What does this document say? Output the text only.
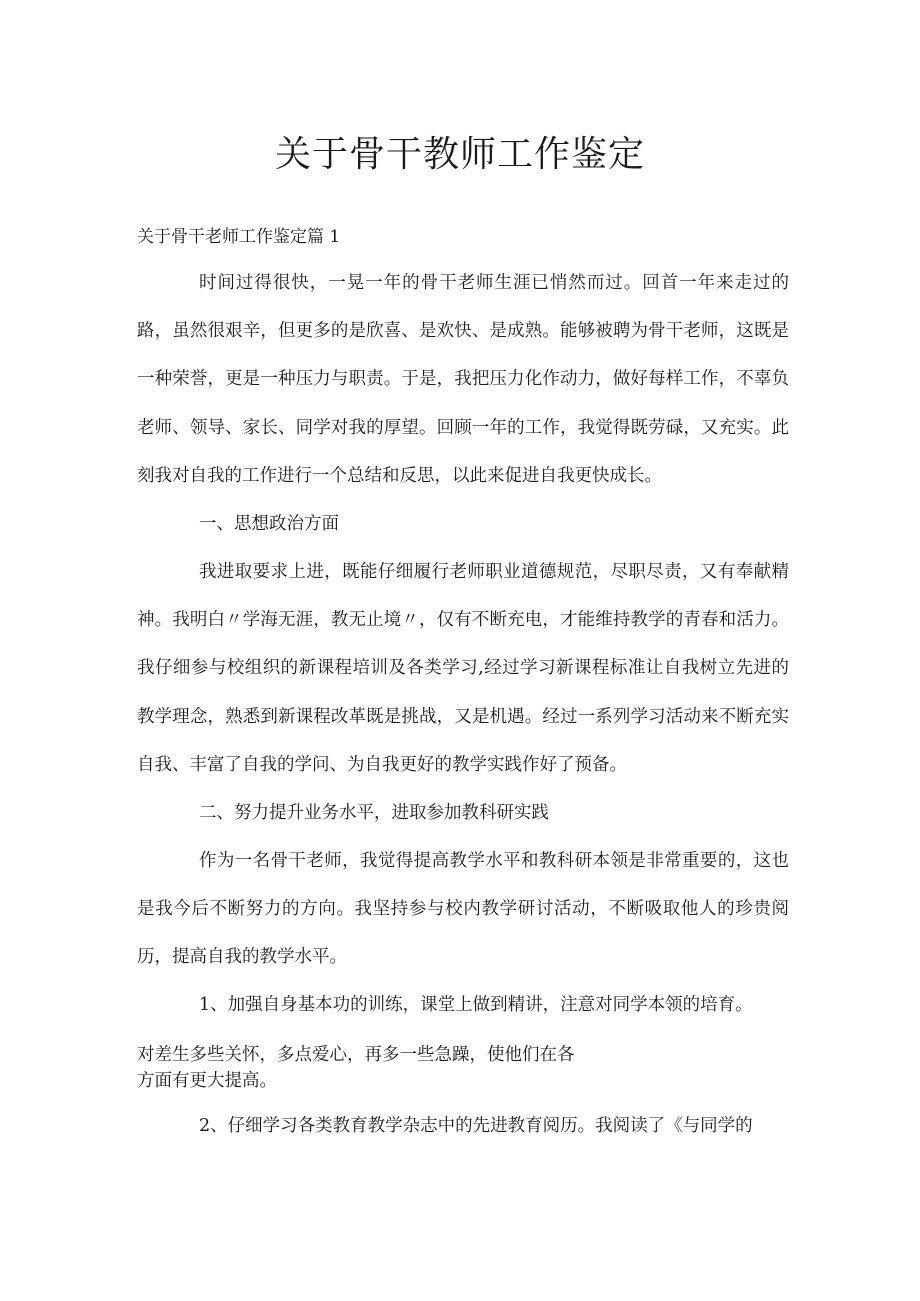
关于骨干教师工作鉴定

关于骨干老师工作鉴定篇 1

时间过得很快，一晃一年的骨干老师生涯已悄然而过。回首一年来走过的路，虽然很艰辛，但更多的是欣喜、是欢快、是成熟。能够被聘为骨干老师，这既是一种荣誉，更是一种压力与职责。于是，我把压力化作动力，做好每样工作，不辜负老师、领导、家长、同学对我的厚望。回顾一年的工作，我觉得既劳碌，又充实。此刻我对自我的工作进行一个总结和反思，以此来促进自我更快成长。

一、思想政治方面

我进取要求上进，既能仔细履行老师职业道德规范，尽职尽责，又有奉献精神。我明白〃学海无涯，教无止境〃，仅有不断充电，才能维持教学的青春和活力。我仔细参与校组织的新课程培训及各类学习,经过学习新课程标准让自我树立先进的教学理念，熟悉到新课程改革既是挑战，又是机遇。经过一系列学习活动来不断充实自我、丰富了自我的学问、为自我更好的教学实践作好了预备。

二、努力提升业务水平，进取参加教科研实践

作为一名骨干老师，我觉得提高教学水平和教科研本领是非常重要的，这也是我今后不断努力的方向。我坚持参与校内教学研讨活动，不断吸取他人的珍贵阅历，提高自我的教学水平。

1、加强自身基本功的训练，课堂上做到精讲，注意对同学本领的培育。

对差生多些关怀，多点爱心，再多一些急躁，使他们在各

方面有更大提高。

2、仔细学习各类教育教学杂志中的先进教育阅历。我阅读了《与同学的
